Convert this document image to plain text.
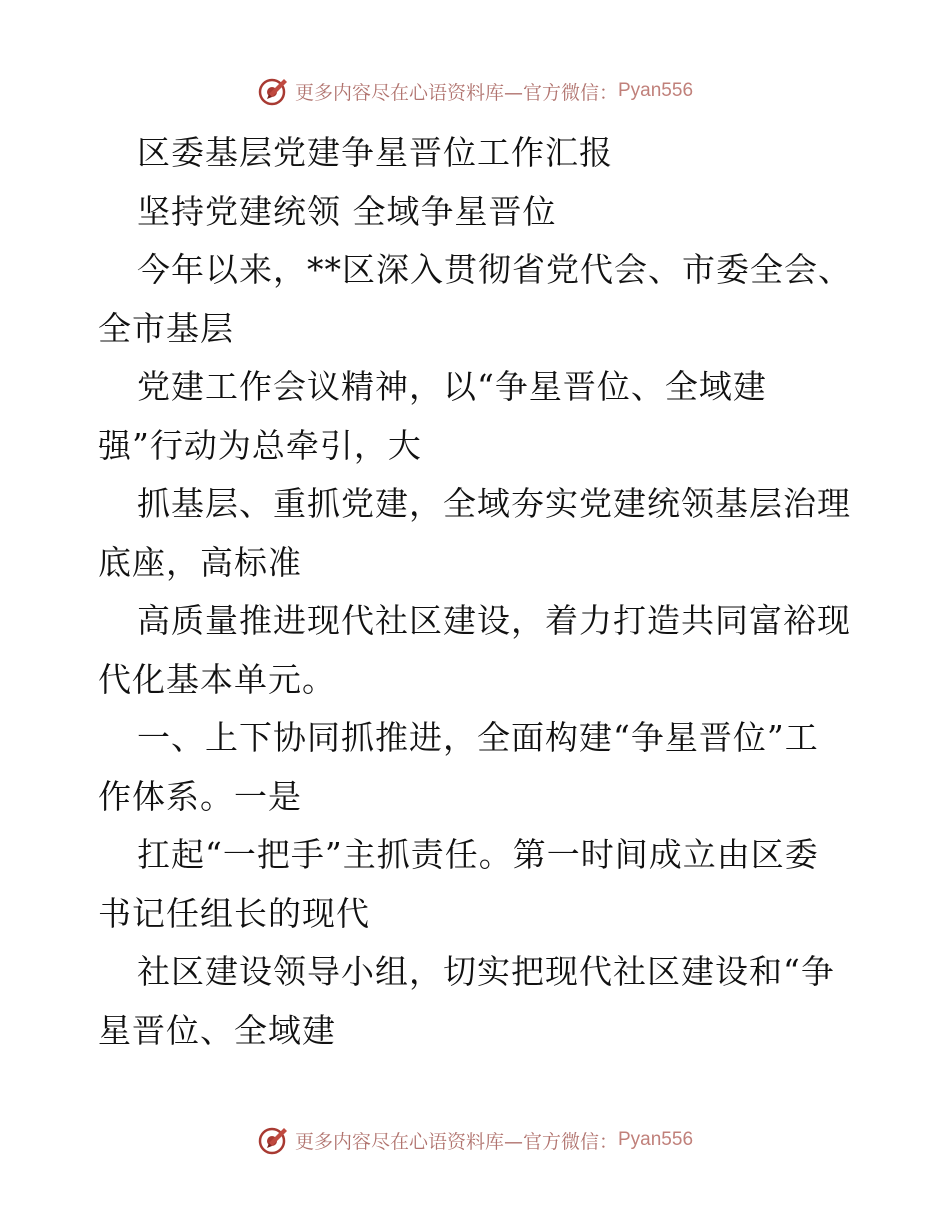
更多内容尽在心语资料库—官方微信： Pyan556
区委基层党建争星晋位工作汇报
坚持党建统领 全域争星晋位
今年以来，**区深入贯彻省党代会、市委全会、
全市基层
党建工作会议精神，以“争星晋位、全域建
强”行动为总牵引，大
抓基层、重抓党建，全域夯实党建统领基层治理
底座，高标准
高质量推进现代社区建设，着力打造共同富裕现
代化基本单元。
一、上下协同抓推进，全面构建“争星晋位”工
作体系。一是
扛起“一把手”主抓责任。第一时间成立由区委
书记任组长的现代
社区建设领导小组，切实把现代社区建设和“争
星晋位、全域建
更多内容尽在心语资料库—官方微信： Pyan556
